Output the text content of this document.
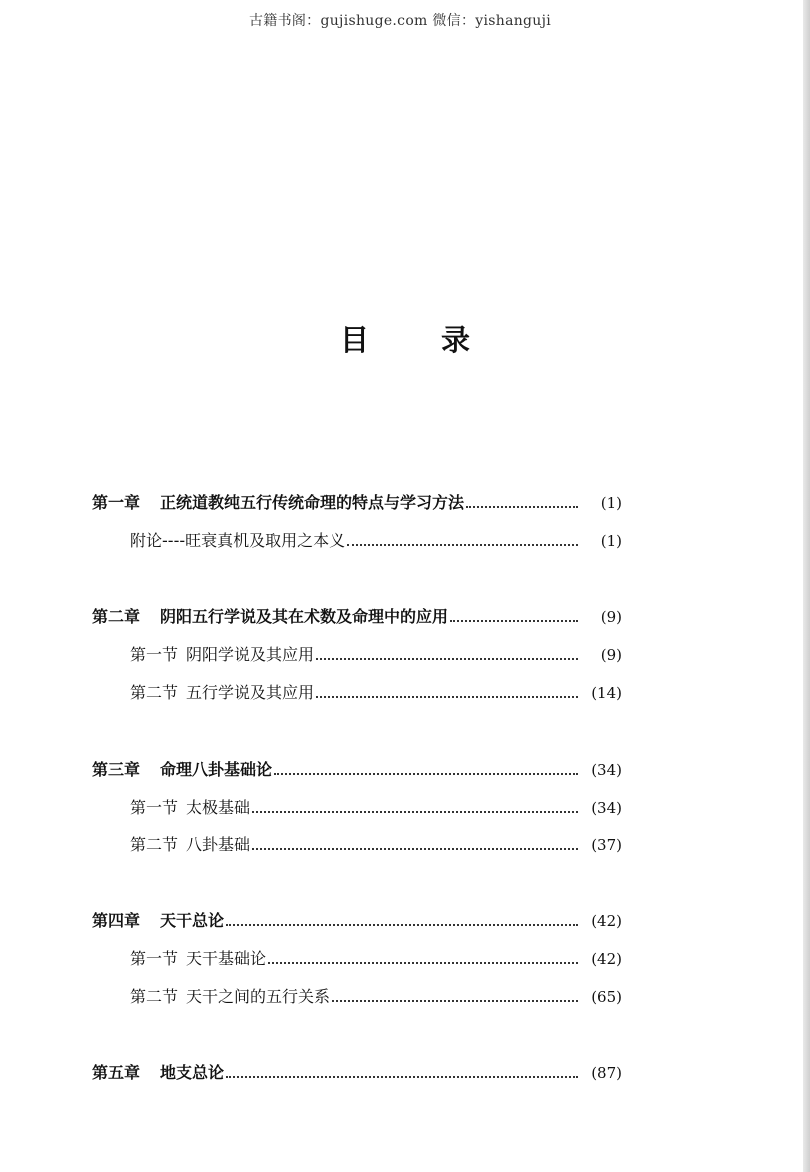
古籍书阁：gujishuge.com 微信：yishanguji
目 录
第一章 正统道教纯五行传统命理的特点与学习方法	(1)
附论 ----旺衰真机及取用之本义	(1)
第二章 阴阳五行学说及其在术数及命理中的应用	(9)
第一节 阴阳学说及其应用	(9)
第二节 五行学说及其应用	(14)
第三章 命理八卦基础论	(34)
第一节 太极基础	(34)
第二节 八卦基础	(37)
第四章 天干总论	(42)
第一节 天干基础论	(42)
第二节 天干之间的五行关系	(65)
第五章 地支总论	(87)
